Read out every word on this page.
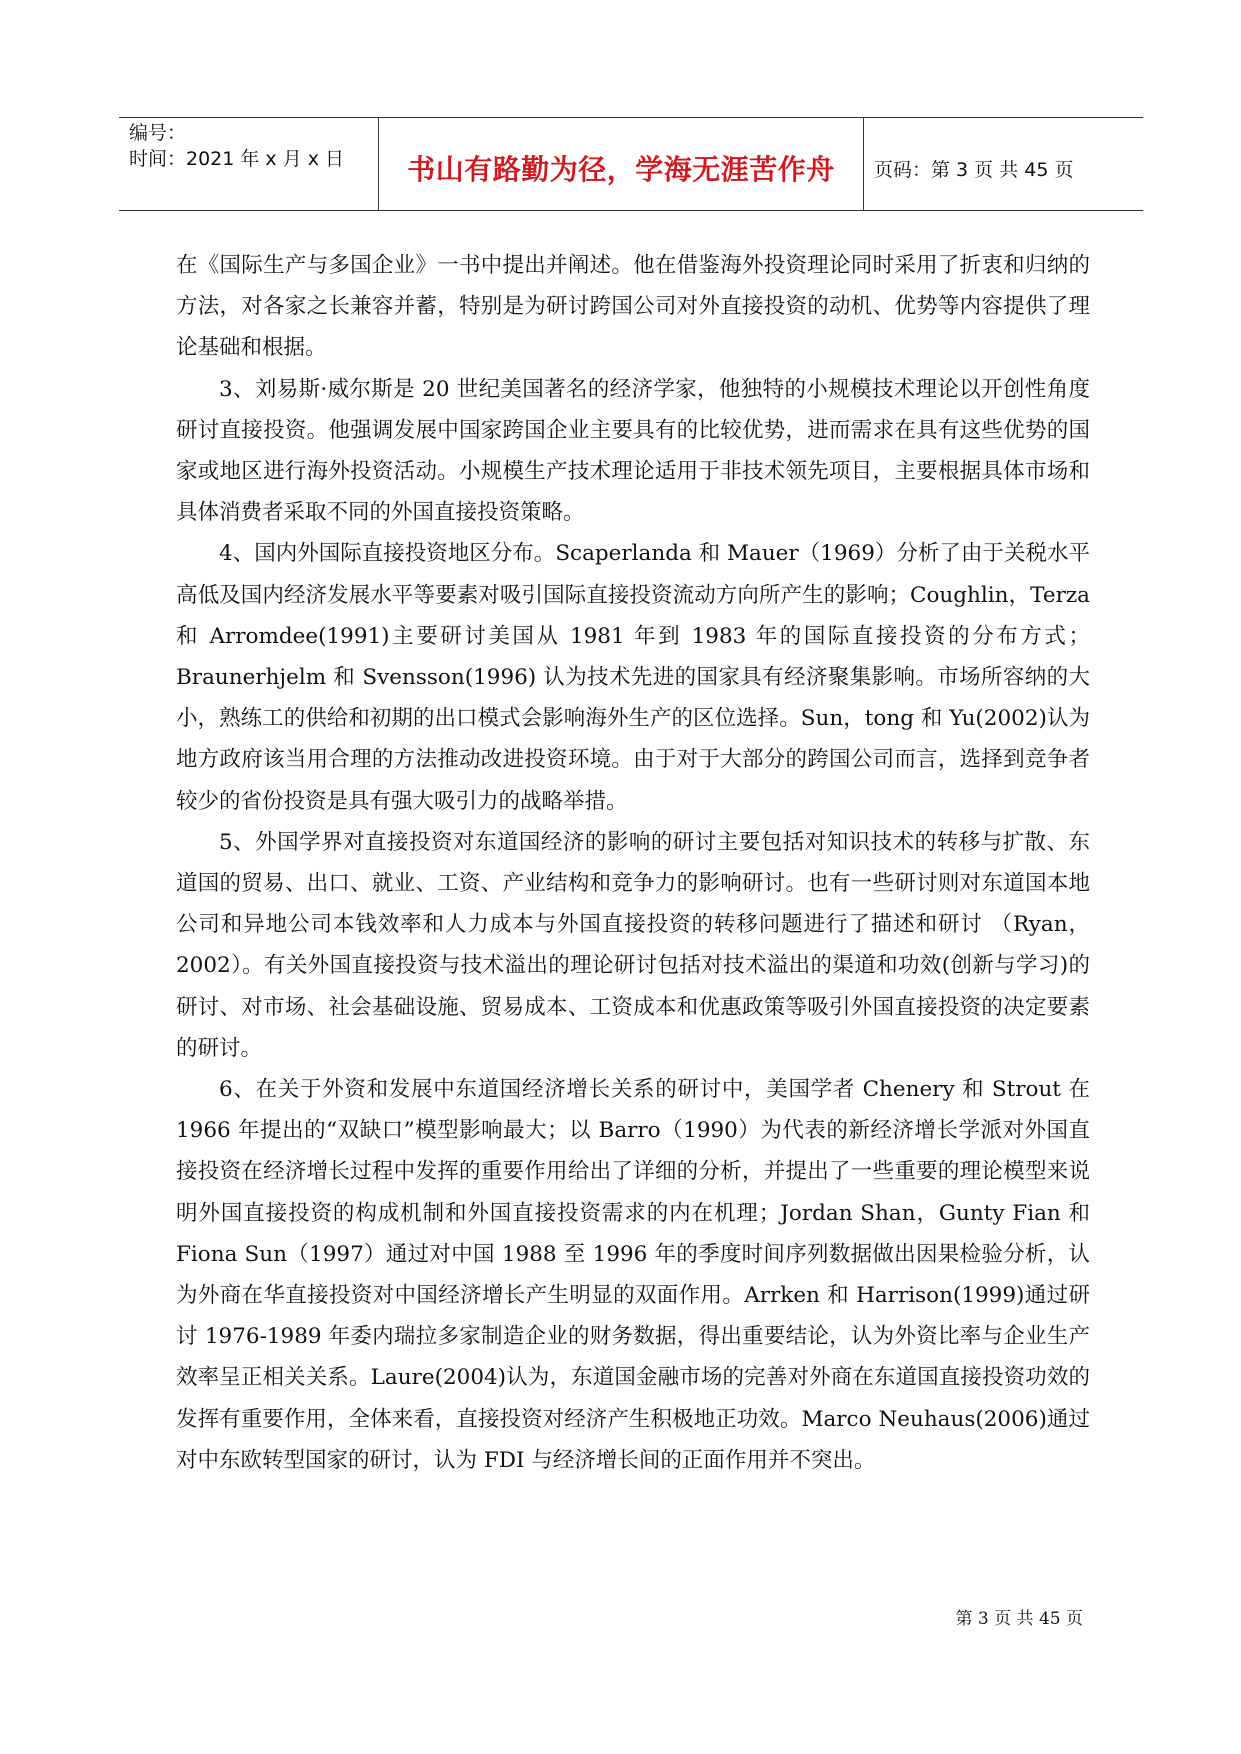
编号：
时间：2021 年 x 月 x 日	书山有路勤为径，学海无涯苦作舟	页码：第 3 页 共 45 页

在《国际生产与多国企业》一书中提出并阐述。他在借鉴海外投资理论同时采用了折衷和归纳的方法，对各家之长兼容并蓄，特别是为研讨跨国公司对外直接投资的动机、优势等内容提供了理论基础和根据。

3、刘易斯·威尔斯是 20 世纪美国著名的经济学家，他独特的小规模技术理论以开创性角度研讨直接投资。他强调发展中国家跨国企业主要具有的比较优势，进而需求在具有这些优势的国家或地区进行海外投资活动。小规模生产技术理论适用于非技术领先项目，主要根据具体市场和具体消费者采取不同的外国直接投资策略。

4、国内外国际直接投资地区分布。Scaperlanda 和 Mauer（1969）分析了由于关税水平高低及国内经济发展水平等要素对吸引国际直接投资流动方向所产生的影响；Coughlin，Terza 和 Arromdee(1991)主要研讨美国从 1981 年到 1983 年的国际直接投资的分布方式；Braunerhjelm 和 Svensson(1996) 认为技术先进的国家具有经济聚集影响。市场所容纳的大小，熟练工的供给和初期的出口模式会影响海外生产的区位选择。Sun，tong 和 Yu(2002)认为地方政府该当用合理的方法推动改进投资环境。由于对于大部分的跨国公司而言，选择到竞争者较少的省份投资是具有强大吸引力的战略举措。

5、外国学界对直接投资对东道国经济的影响的研讨主要包括对知识技术的转移与扩散、东道国的贸易、出口、就业、工资、产业结构和竞争力的影响研讨。也有一些研讨则对东道国本地公司和异地公司本钱效率和人力成本与外国直接投资的转移问题进行了描述和研讨 （Ryan，2002）。有关外国直接投资与技术溢出的理论研讨包括对技术溢出的渠道和功效(创新与学习)的研讨、对市场、社会基础设施、贸易成本、工资成本和优惠政策等吸引外国直接投资的决定要素的研讨。

6、在关于外资和发展中东道国经济增长关系的研讨中，美国学者 Chenery 和 Strout 在 1966 年提出的“双缺口”模型影响最大；以 Barro（1990）为代表的新经济增长学派对外国直接投资在经济增长过程中发挥的重要作用给出了详细的分析，并提出了一些重要的理论模型来说明外国直接投资的构成机制和外国直接投资需求的内在机理；Jordan Shan，Gunty Fian 和 Fiona Sun（1997）通过对中国 1988 至 1996 年的季度时间序列数据做出因果检验分析，认为外商在华直接投资对中国经济增长产生明显的双面作用。Arrken 和 Harrison(1999)通过研讨 1976-1989 年委内瑞拉多家制造企业的财务数据，得出重要结论，认为外资比率与企业生产效率呈正相关关系。Laure(2004)认为，东道国金融市场的完善对外商在东道国直接投资功效的发挥有重要作用，全体来看，直接投资对经济产生积极地正功效。Marco Neuhaus(2006)通过对中东欧转型国家的研讨，认为 FDI 与经济增长间的正面作用并不突出。

第 3 页 共 45 页
